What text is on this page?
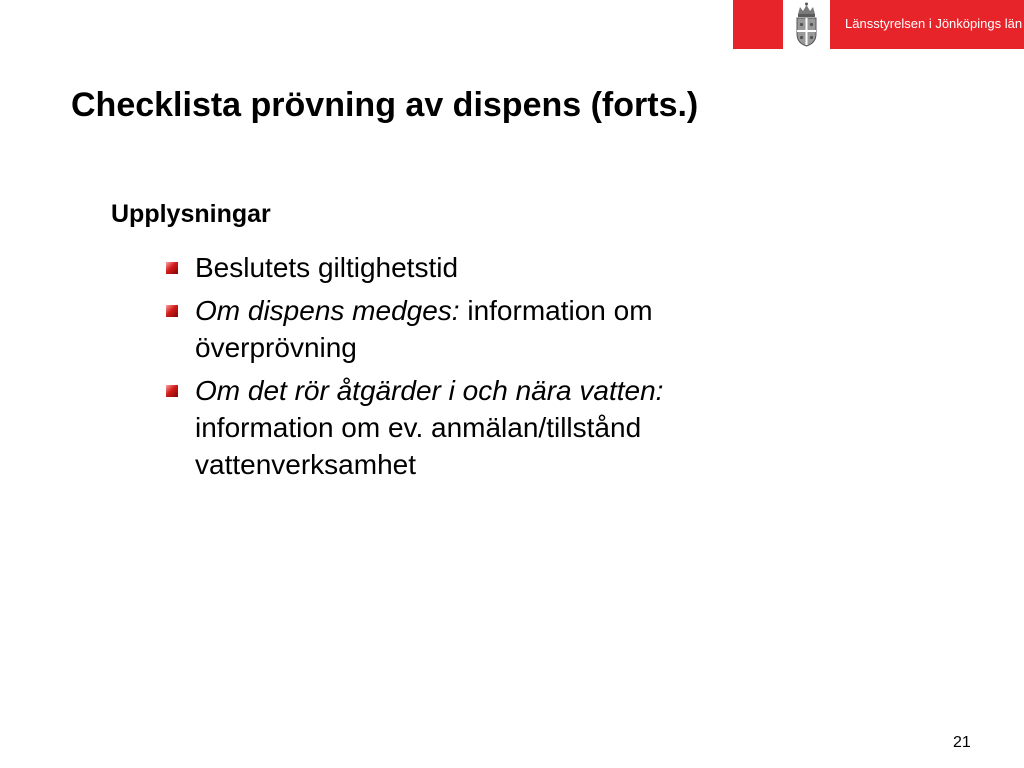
Länsstyrelsen i Jönköpings län
Checklista prövning av dispens (forts.)
Upplysningar
Beslutets giltighetstid
Om dispens medges: information om överprövning
Om det rör åtgärder i och nära vatten: information om ev. anmälan/tillstånd vattenverksamhet
21
